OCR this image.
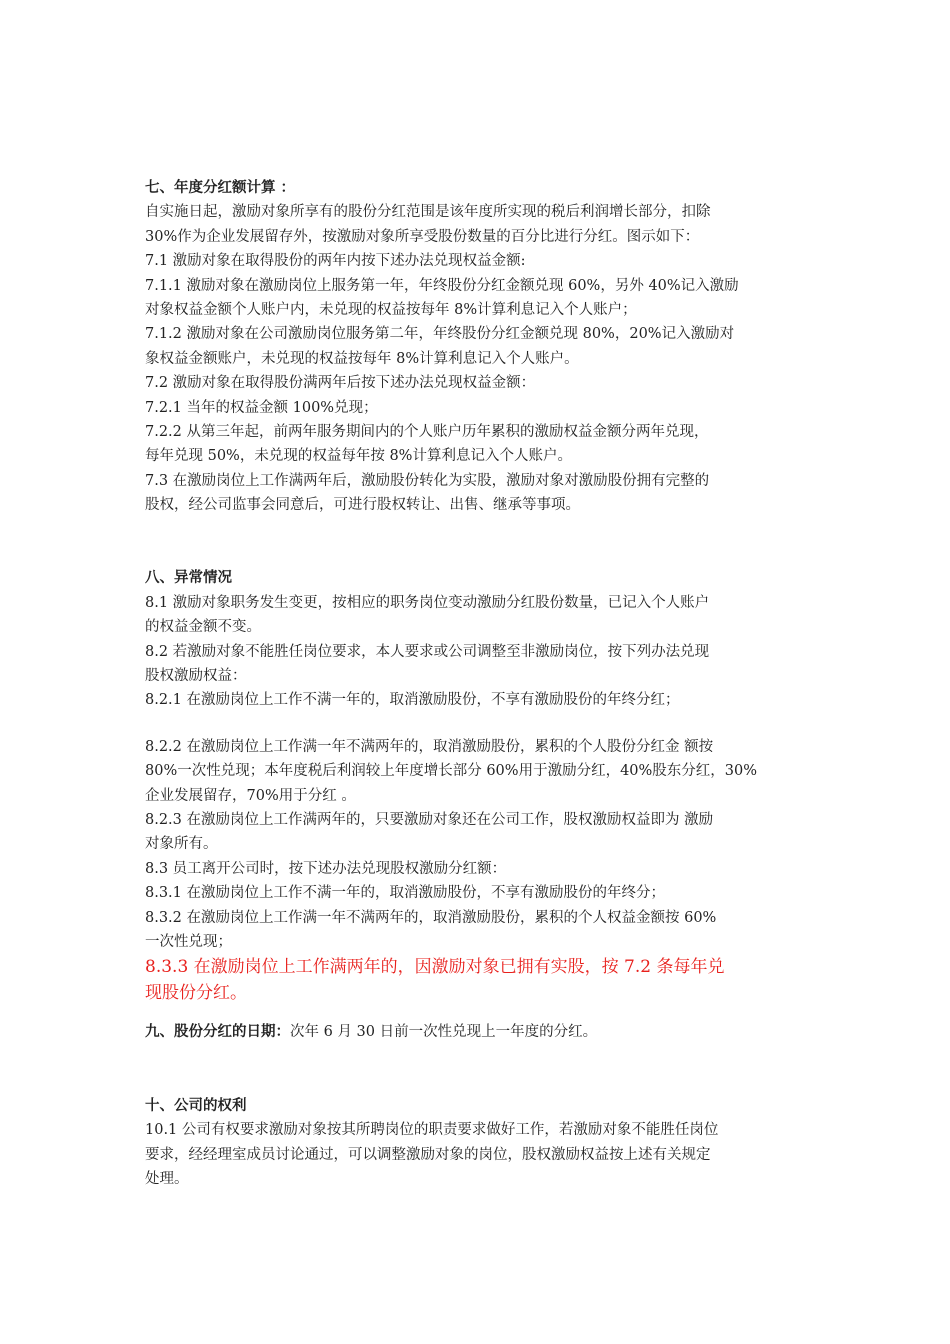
七、年度分红额计算 ：

自实施日起，激励对象所享有的股份分红范围是该年度所实现的税后利润增长部分，扣除

30%作为企业发展留存外，按激励对象所享受股份数量的百分比进行分红。图示如下：

7.1 激励对象在取得股份的两年内按下述办法兑现权益金额:

7.1.1 激励对象在激励岗位上服务第一年，年终股份分红金额兑现 60%，另外 40%记入激励

对象权益金额个人账户内，未兑现的权益按每年 8%计算利息记入个人账户；

7.1.2 激励对象在公司激励岗位服务第二年，年终股份分红金额兑现 80%，20%记入激励对

象权益金额账户，未兑现的权益按每年 8%计算利息记入个人账户。

7.2 激励对象在取得股份满两年后按下述办法兑现权益金额：

7.2.1 当年的权益金额 100%兑现；

7.2.2 从第三年起，前两年服务期间内的个人账户历年累积的激励权益金额分两年兑现，

每年兑现 50%，未兑现的权益每年按 8%计算利息记入个人账户。

7.3 在激励岗位上工作满两年后，激励股份转化为实股，激励对象对激励股份拥有完整的

股权，经公司监事会同意后，可进行股权转让、出售、继承等事项。

八、异常情况

8.1 激励对象职务发生变更，按相应的职务岗位变动激励分红股份数量，已记入个人账户

的权益金额不变。

8.2 若激励对象不能胜任岗位要求，本人要求或公司调整至非激励岗位，按下列办法兑现

股权激励权益：

8.2.1 在激励岗位上工作不满一年的，取消激励股份，不享有激励股份的年终分红；

8.2.2 在激励岗位上工作满一年不满两年的，取消激励股份，累积的个人股份分红金 额按

80%一次性兑现；本年度税后利润较上年度增长部分 60%用于激励分红，40%股东分红，30%

企业发展留存，70%用于分红 。

8.2.3 在激励岗位上工作满两年的，只要激励对象还在公司工作，股权激励权益即为 激励

对象所有。

8.3 员工离开公司时，按下述办法兑现股权激励分红额：

8.3.1 在激励岗位上工作不满一年的，取消激励股份，不享有激励股份的年终分；

8.3.2 在激励岗位上工作满一年不满两年的，取消激励股份，累积的个人权益金额按 60%

一次性兑现；

8.3.3 在激励岗位上工作满两年的，因激励对象已拥有实股，按 7.2 条每年兑

现股份分红。

九、股份分红的日期：次年 6 月 30 日前一次性兑现上一年度的分红。

十、公司的权利

10.1 公司有权要求激励对象按其所聘岗位的职责要求做好工作，若激励对象不能胜任岗位

要求，经经理室成员讨论通过，可以调整激励对象的岗位，股权激励权益按上述有关规定

处理。
